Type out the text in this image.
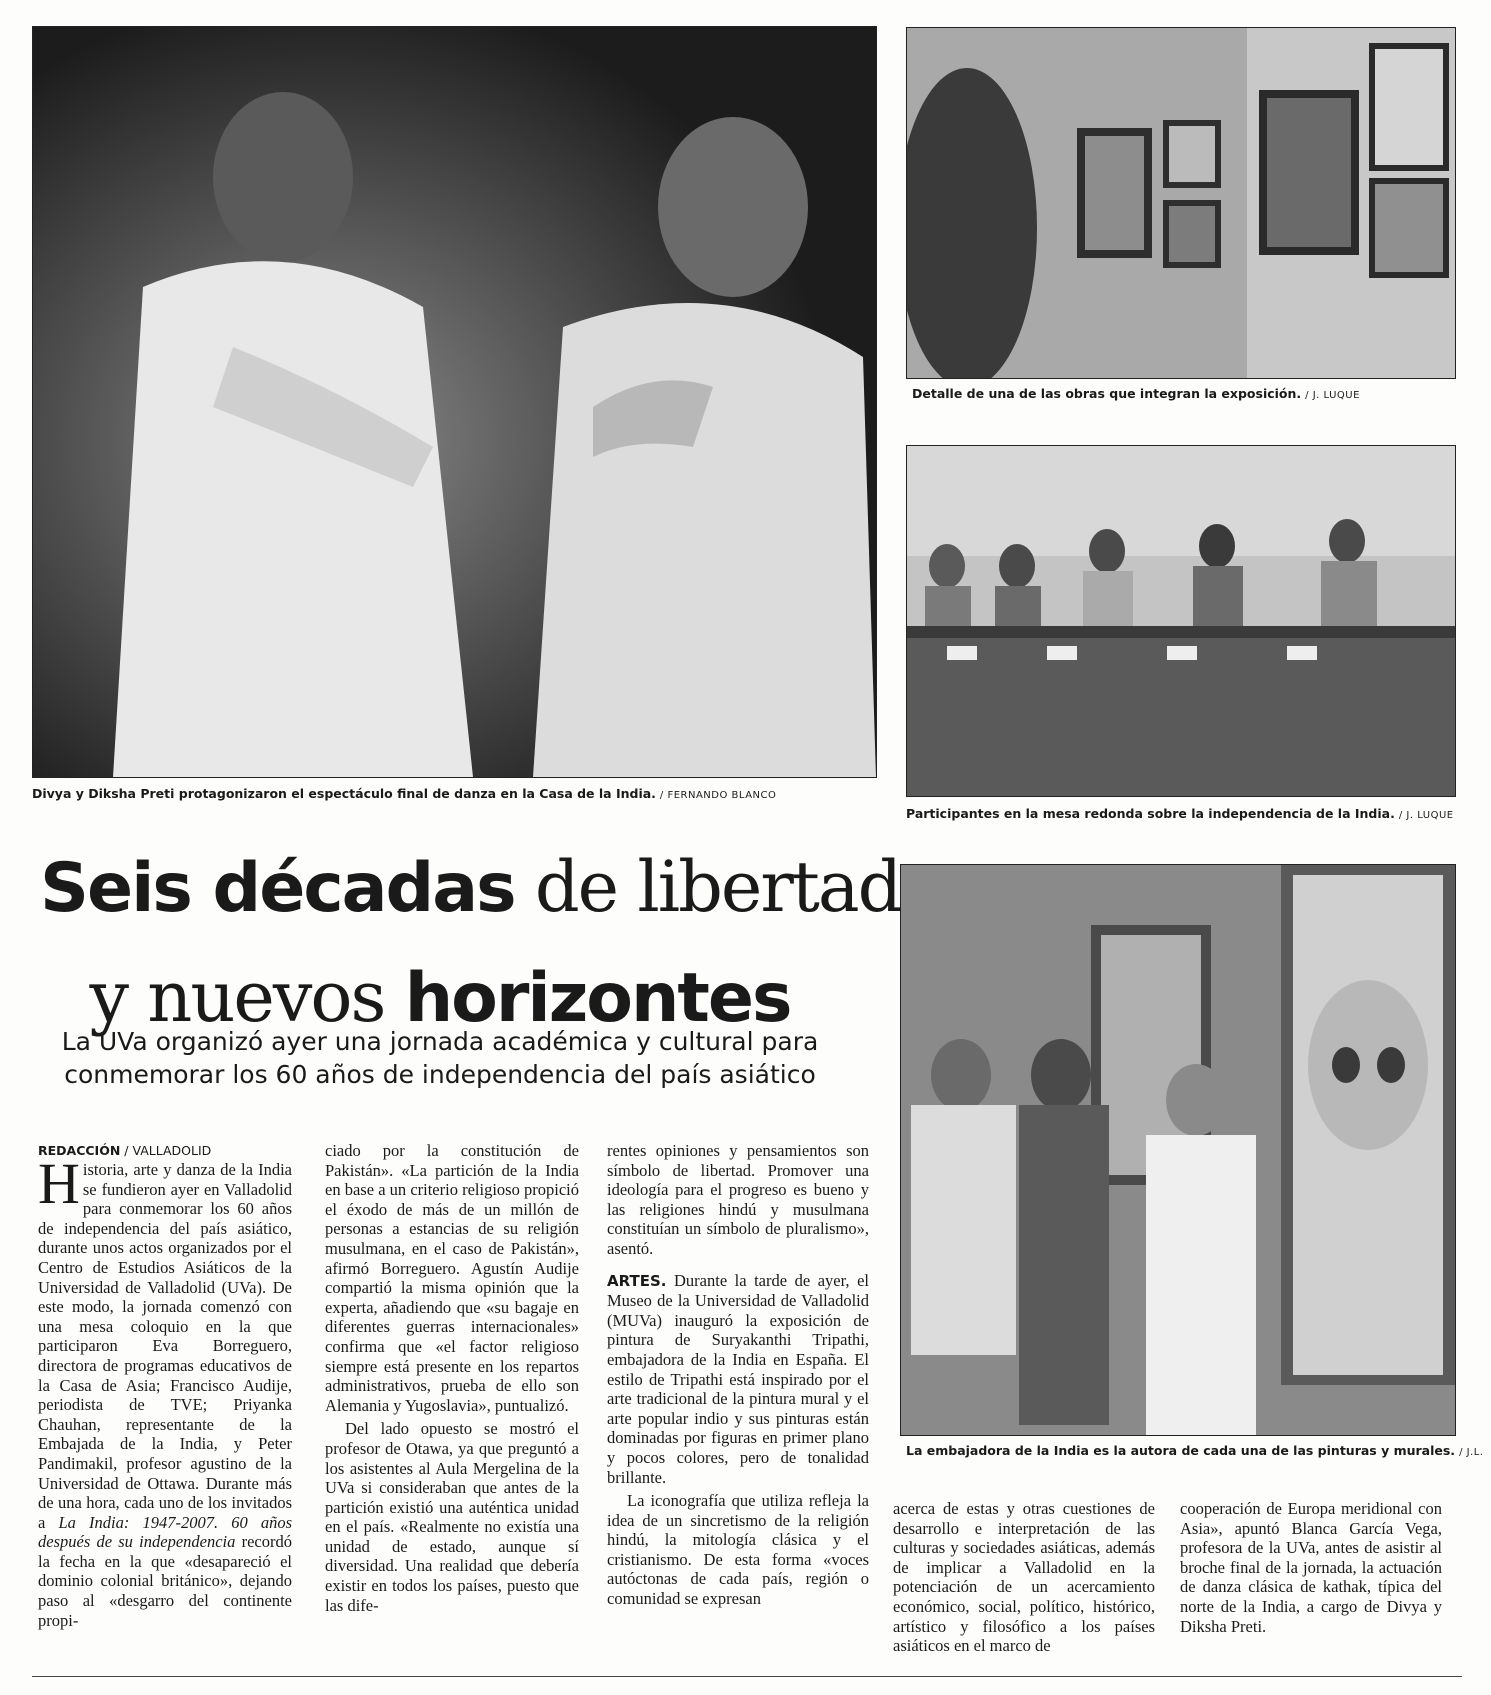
Divya y Diksha Preti protagonizaron el espectáculo final de danza en la Casa de la India. / FERNANDO BLANCO
Detalle de una de las obras que integran la exposición. / J. LUQUE
Participantes en la mesa redonda sobre la independencia de la India. / J. LUQUE
La embajadora de la India es la autora de cada una de las pinturas y murales. / J.L.
Seis décadas de libertad
y nuevos horizontes
La UVa organizó ayer una jornada académica y cultural para
conmemorar los 60 años de independencia del país asiático
REDACCIÓN / VALLADOLID

Historia, arte y danza de la India se fundieron ayer en Valladolid para conmemorar los 60 años de independencia del país asiático, durante unos actos organizados por el Centro de Estudios Asiáticos de la Universidad de Valladolid (UVa). De este modo, la jornada comenzó con una mesa coloquio en la que participaron Eva Borreguero, directora de programas educativos de la Casa de Asia; Francisco Audije, periodista de TVE; Priyanka Chauhan, representante de la Embajada de la India, y Peter Pandimakil, profesor agustino de la Universidad de Ottawa. Durante más de una hora, cada uno de los invitados a La India: 1947-2007. 60 años después de su independencia recordó la fecha en la que «desapareció el dominio colonial británico», dejando paso al «desgarro del continente propi-

ciado por la constitución de Pakistán». «La partición de la India en base a un criterio religioso propició el éxodo de más de un millón de personas a estancias de su religión musulmana, en el caso de Pakistán», afirmó Borreguero. Agustín Audije compartió la misma opinión que la experta, añadiendo que «su bagaje en diferentes guerras internacionales» confirma que «el factor religioso siempre está presente en los repartos administrativos, prueba de ello son Alemania y Yugoslavia», puntualizó.

Del lado opuesto se mostró el profesor de Otawa, ya que preguntó a los asistentes al Aula Mergelina de la UVa si consideraban que antes de la partición existió una auténtica unidad en el país. «Realmente no existía una unidad de estado, aunque sí diversidad. Una realidad que debería existir en todos los países, puesto que las dife-

rentes opiniones y pensamientos son símbolo de libertad. Promover una ideología para el progreso es bueno y las religiones hindú y musulmana constituían un símbolo de pluralismo», asentó.

ARTES. Durante la tarde de ayer, el Museo de la Universidad de Valladolid (MUVa) inauguró la exposición de pintura de Suryakanthi Tripathi, embajadora de la India en España. El estilo de Tripathi está inspirado por el arte tradicional de la pintura mural y el arte popular indio y sus pinturas están dominadas por figuras en primer plano y pocos colores, pero de tonalidad brillante.

La iconografía que utiliza refleja la idea de un sincretismo de la religión hindú, la mitología clásica y el cristianismo. De esta forma «voces autóctonas de cada país, región o comunidad se expresan

acerca de estas y otras cuestiones de desarrollo e interpretación de las culturas y sociedades asiáticas, además de implicar a Valladolid en la potenciación de un acercamiento económico, social, político, histórico, artístico y filosófico a los países asiáticos en el marco de

cooperación de Europa meridional con Asia», apuntó Blanca García Vega, profesora de la UVa, antes de asistir al broche final de la jornada, la actuación de danza clásica de kathak, típica del norte de la India, a cargo de Divya y Diksha Preti.
